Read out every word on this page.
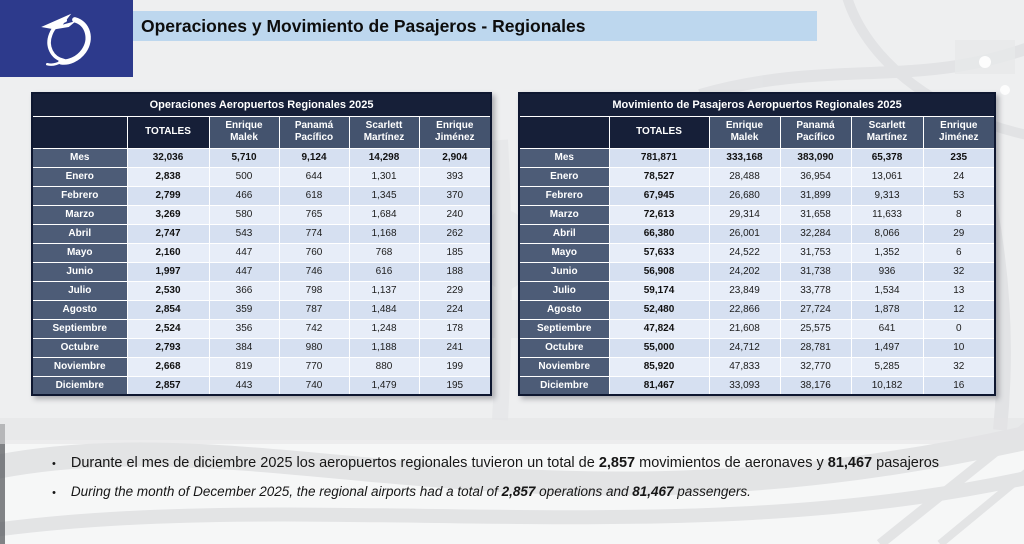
Operaciones y Movimiento de Pasajeros - Regionales
Operaciones Aeropuertos Regionales 2025					
	TOTALES	Enrique Malek	Panamá Pacífico	Scarlett Martínez	Enrique Jiménez
Mes	32,036	5,710	9,124	14,298	2,904
Enero	2,838	500	644	1,301	393
Febrero	2,799	466	618	1,345	370
Marzo	3,269	580	765	1,684	240
Abril	2,747	543	774	1,168	262
Mayo	2,160	447	760	768	185
Junio	1,997	447	746	616	188
Julio	2,530	366	798	1,137	229
Agosto	2,854	359	787	1,484	224
Septiembre	2,524	356	742	1,248	178
Octubre	2,793	384	980	1,188	241
Noviembre	2,668	819	770	880	199
Diciembre	2,857	443	740	1,479	195
Movimiento de Pasajeros Aeropuertos Regionales 2025					
	TOTALES	Enrique Malek	Panamá Pacífico	Scarlett Martínez	Enrique Jiménez
Mes	781,871	333,168	383,090	65,378	235
Enero	78,527	28,488	36,954	13,061	24
Febrero	67,945	26,680	31,899	9,313	53
Marzo	72,613	29,314	31,658	11,633	8
Abril	66,380	26,001	32,284	8,066	29
Mayo	57,633	24,522	31,753	1,352	6
Junio	56,908	24,202	31,738	936	32
Julio	59,174	23,849	33,778	1,534	13
Agosto	52,480	22,866	27,724	1,878	12
Septiembre	47,824	21,608	25,575	641	0
Octubre	55,000	24,712	28,781	1,497	10
Noviembre	85,920	47,833	32,770	5,285	32
Diciembre	81,467	33,093	38,176	10,182	16
• Durante el mes de diciembre 2025 los aeropuertos regionales tuvieron un total de 2,857 movimientos de aeronaves y 81,467 pasajeros
• During the month of December 2025, the regional airports had a total of 2,857 operations and 81,467 passengers.
